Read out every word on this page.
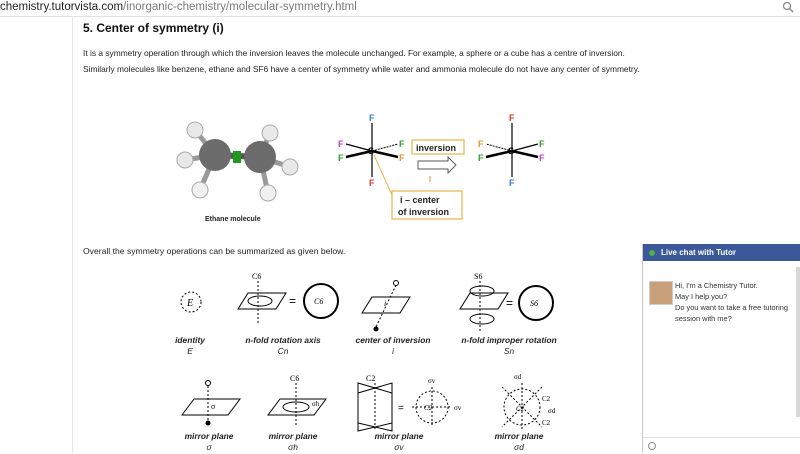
chemistry.tutorvista.com/inorganic-chemistry/molecular-symmetry.html
5. Center of symmetry (i)
It is a symmetry operation through which the inversion leaves the molecule unchanged. For example, a sphere or a cube has a centre of inversion. Similarly molecules like benzene, ethane and SF6 have a center of symmetry while water and ammonia molecule do not have any center of symmetry.
Ethane molecule
F
F
F
F
F
F
S	inversion
F
F
F
F
F
F
S
i – center
of inversion
Overall the symmetry operations can be summarized as given below.
E
C6
= C6	i
S6
= S6
identity
E
n-fold rotation axis
Cn
center of inversion
i
n-fold improper rotation
Sn
σ
C6
σh
C2
=
σv
σv
C2
σd
C2
σd
C2
C2
mirror plane
σ
mirror plane
σh
mirror plane
σv
mirror plane
σd
Live chat with Tutor
Hi, I'm a Chemistry Tutor.
May I help you?
Do you want to take a free tutoring session with me?
